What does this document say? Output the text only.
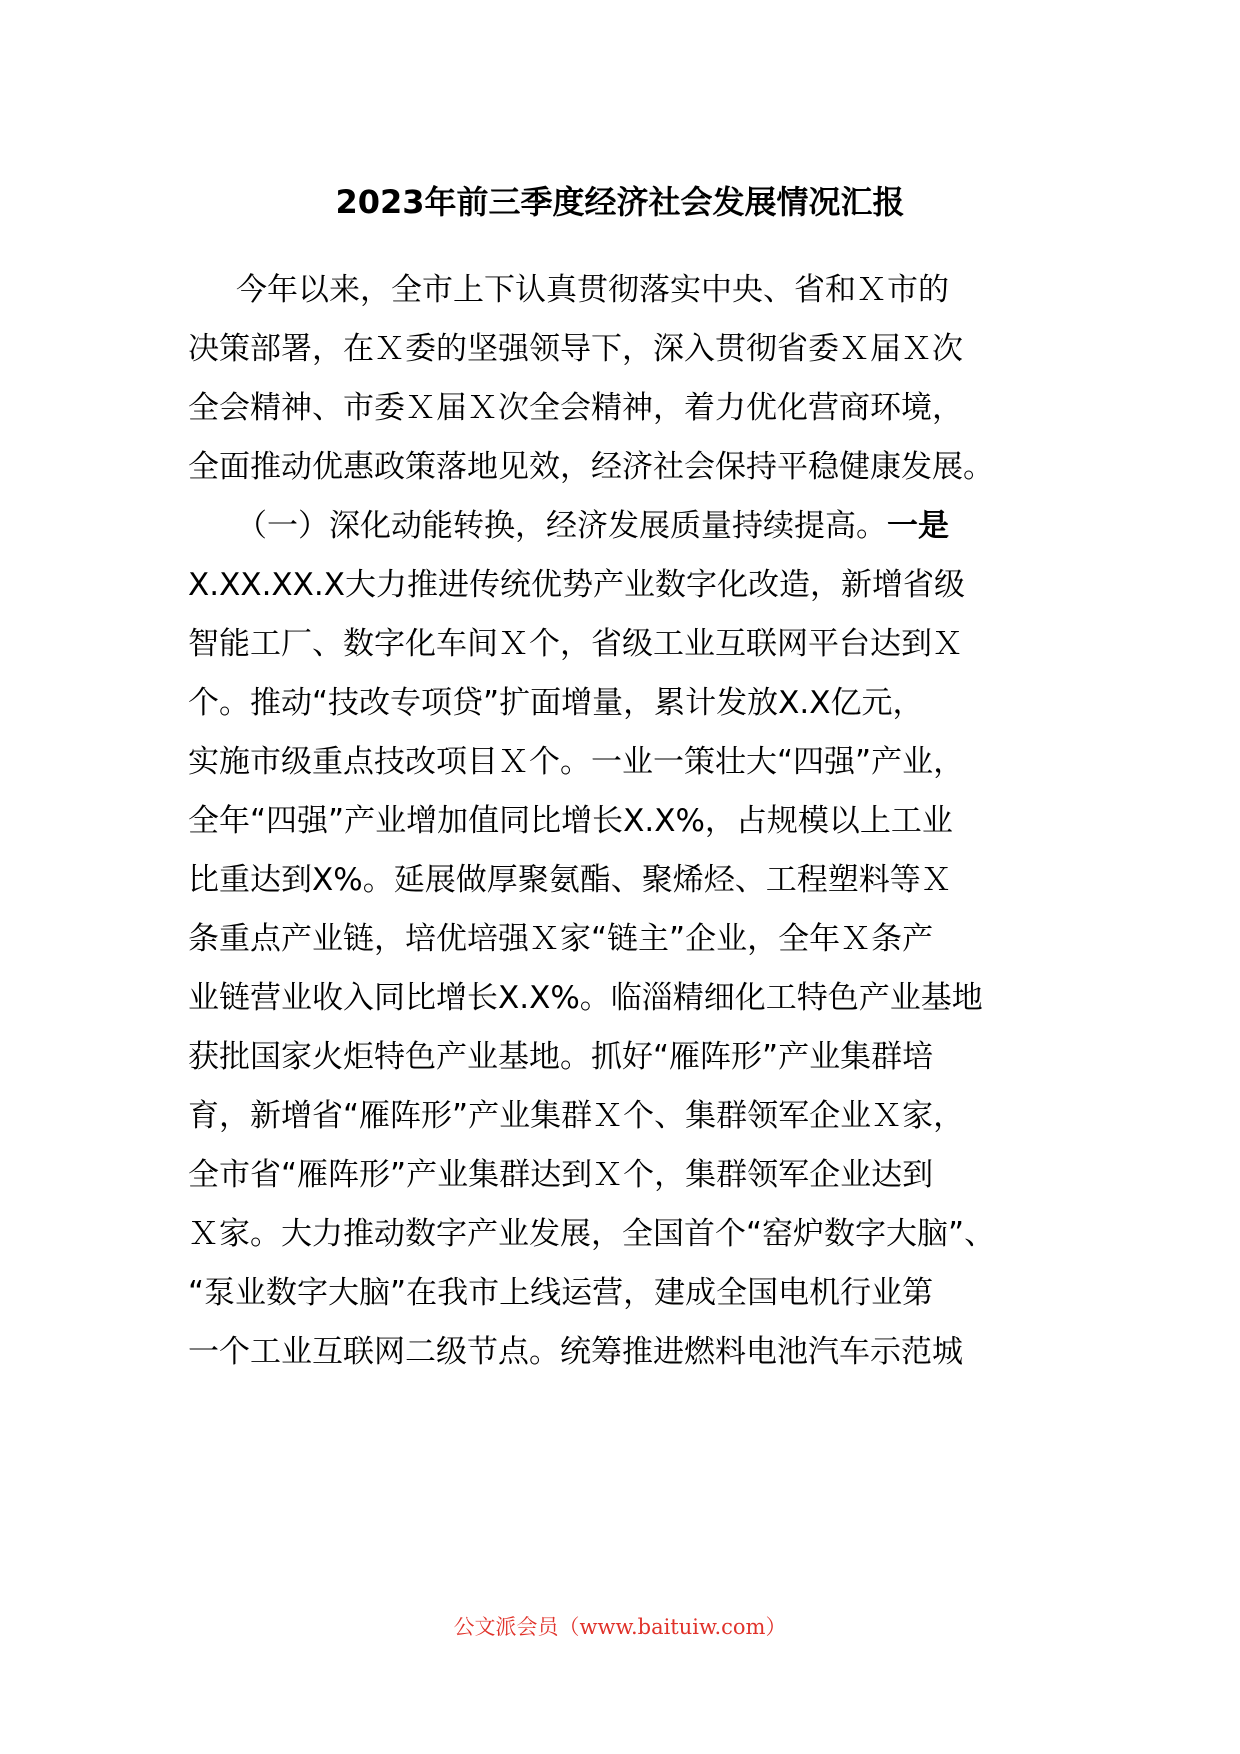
2023年前三季度经济社会发展情况汇报
今年以来，全市上下认真贯彻落实中央、省和Ｘ市的
决策部署，在Ｘ委的坚强领导下，深入贯彻省委Ｘ届Ｘ次
全会精神、市委Ｘ届Ｘ次全会精神，着力优化营商环境，
全面推动优惠政策落地见效，经济社会保持平稳健康发展。
（一）深化动能转换，经济发展质量持续提高。一是
X.XX.XX.X大力推进传统优势产业数字化改造，新增省级
智能工厂、数字化车间Ｘ个，省级工业互联网平台达到Ｘ
个。推动“技改专项贷”扩面增量，累计发放X.X亿元，
实施市级重点技改项目Ｘ个。一业一策壮大“四强”产业，
全年“四强”产业增加值同比增长X.X%，占规模以上工业
比重达到X%。延展做厚聚氨酯、聚烯烃、工程塑料等Ｘ
条重点产业链，培优培强Ｘ家“链主”企业，全年Ｘ条产
业链营业收入同比增长X.X%。临淄精细化工特色产业基地
获批国家火炬特色产业基地。抓好“雁阵形”产业集群培
育，新增省“雁阵形”产业集群Ｘ个、集群领军企业Ｘ家，
全市省“雁阵形”产业集群达到Ｘ个，集群领军企业达到
Ｘ家。大力推动数字产业发展，全国首个“窑炉数字大脑”、
“泵业数字大脑”在我市上线运营，建成全国电机行业第
一个工业互联网二级节点。统筹推进燃料电池汽车示范城
公文派会员（www.baituiw.com）
